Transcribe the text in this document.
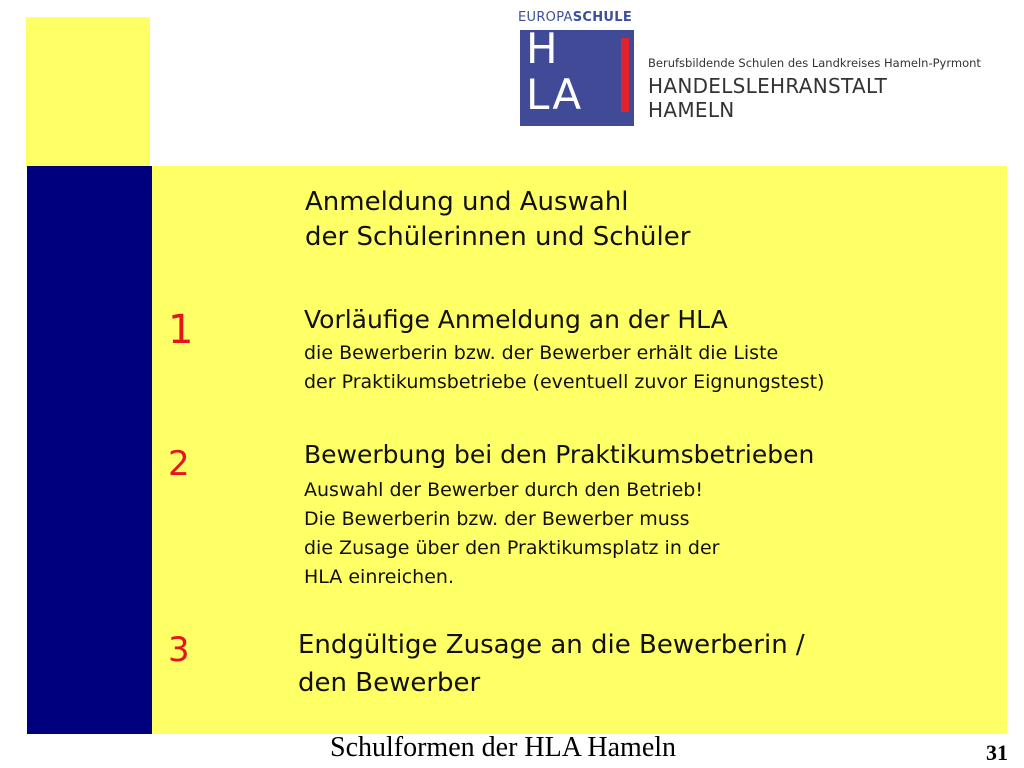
EUROPASCHULE
H
LA
Berufsbildende Schulen des Landkreises Hameln-Pyrmont
HANDELSLEHRANSTALT
HAMELN
Anmeldung und Auswahl
der Schülerinnen und Schüler
1	Vorläufige Anmeldung an der HLA
die Bewerberin bzw. der Bewerber erhält die Liste
der Praktikumsbetriebe (eventuell zuvor Eignungstest)
2	Bewerbung bei den Praktikumsbetrieben
Auswahl der Bewerber durch den Betrieb!
Die Bewerberin bzw. der Bewerber muss
die Zusage über den Praktikumsplatz in der
HLA einreichen.
3	Endgültige Zusage an die Bewerberin /
den Bewerber
Schulformen der HLA Hameln	31
